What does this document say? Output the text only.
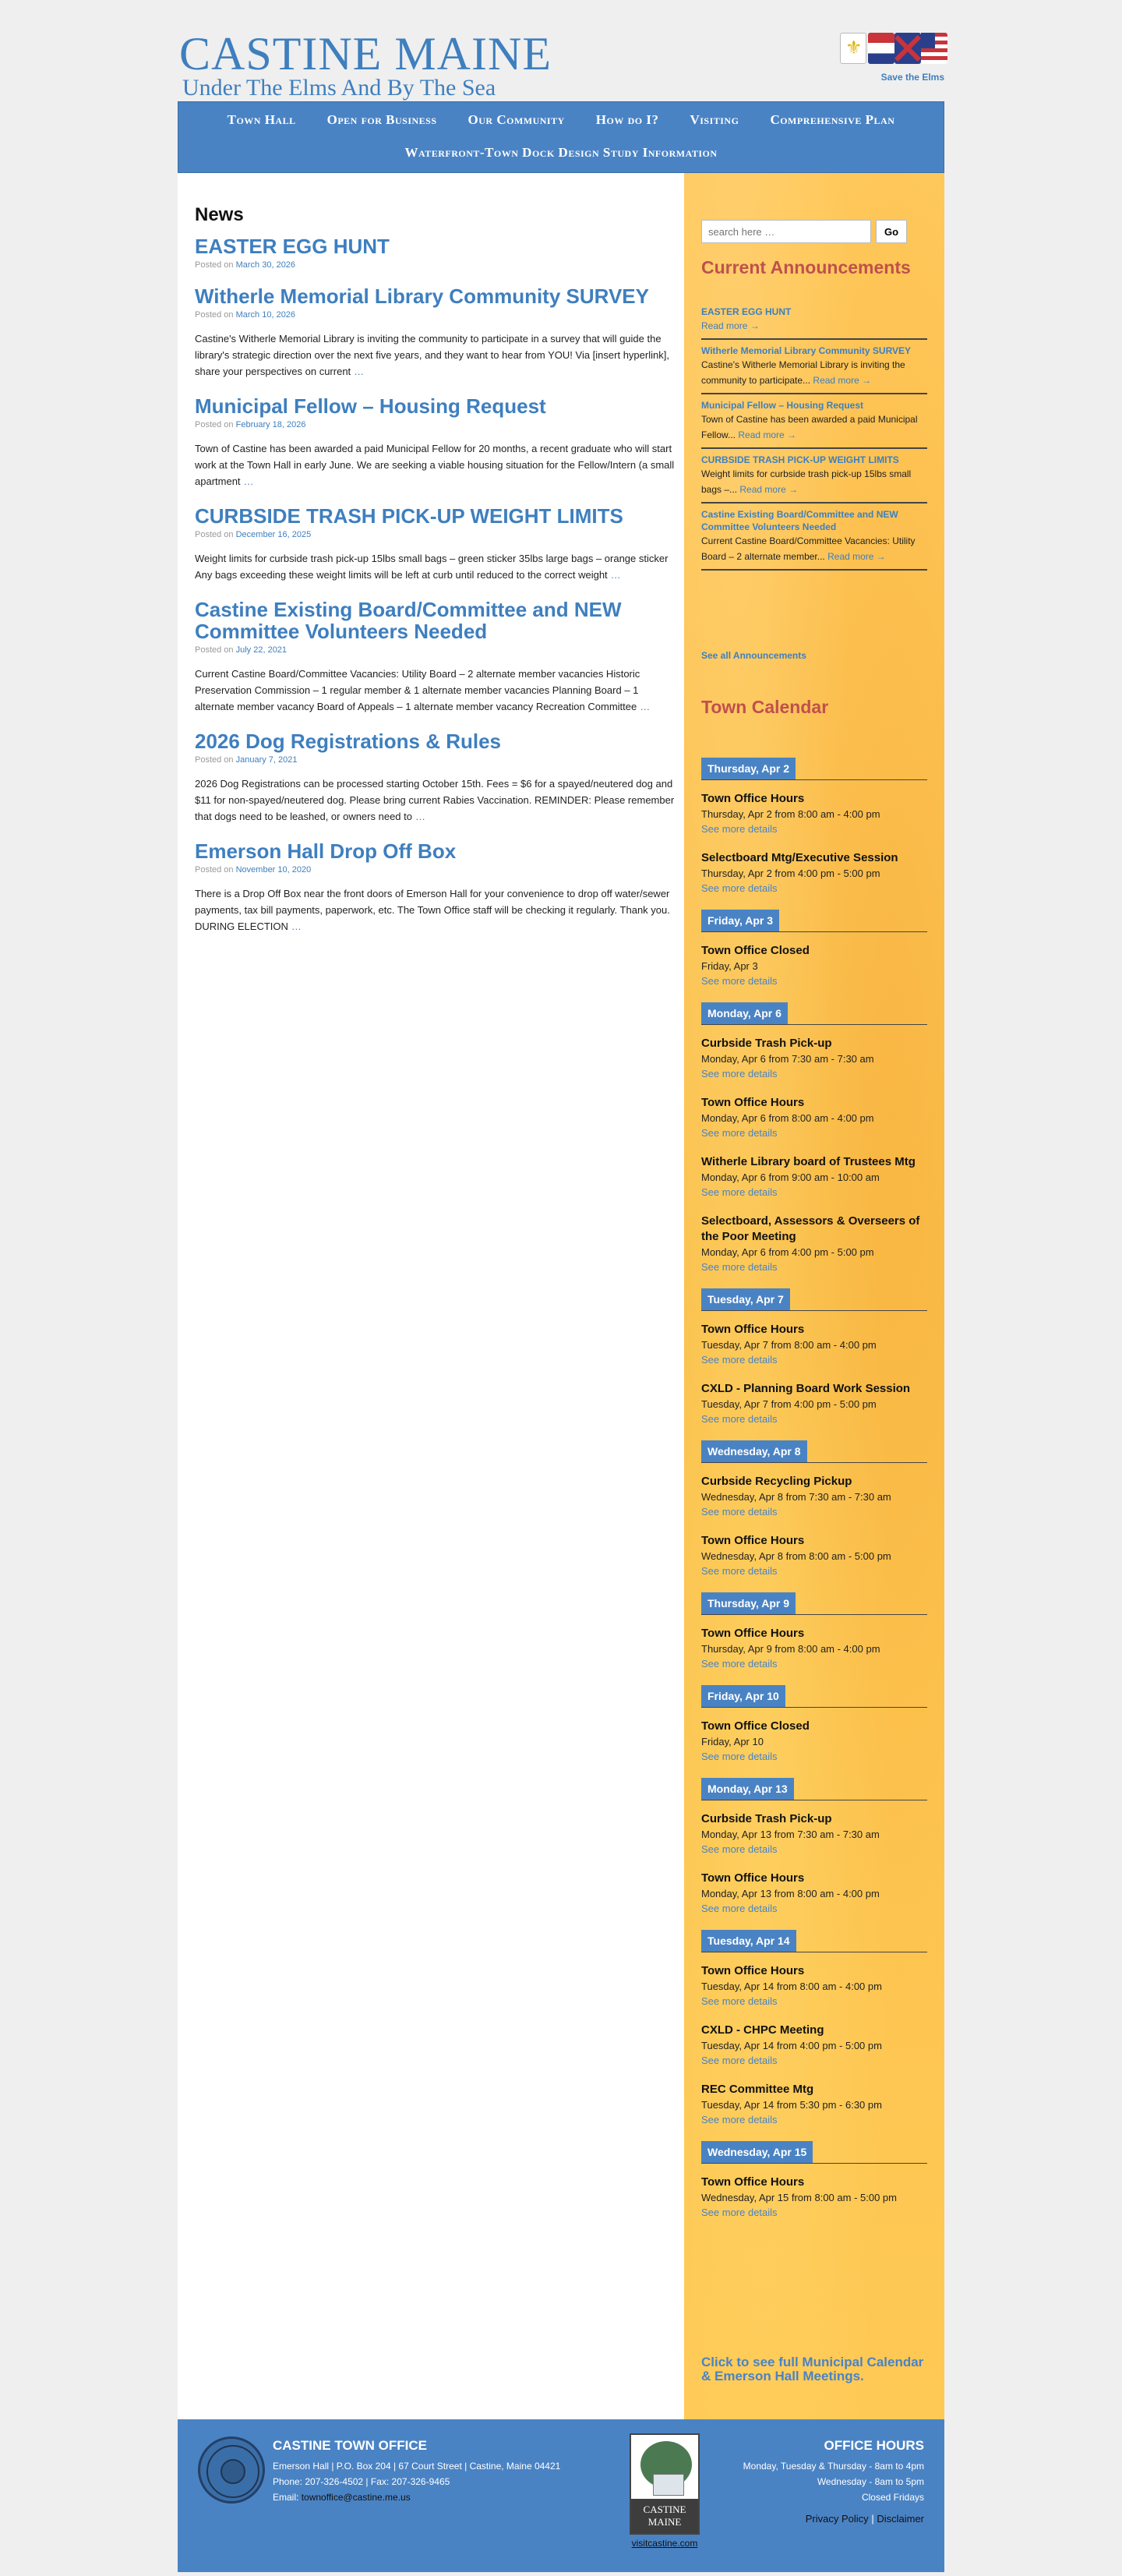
CASTINE MAINE
Under The Elms And By The Sea
⚜	Save the Elms
Town Hall	Open for Business	Our Community	How do I?	Visiting	Comprehensive Plan
Waterfront-Town Dock Design Study Information
News
EASTER EGG HUNT
Posted on March 30, 2026
Witherle Memorial Library Community SURVEY
Posted on March 10, 2026
Castine's Witherle Memorial Library is inviting the community to participate in a survey that will guide the library's strategic direction over the next five years, and they want to hear from YOU! Via [insert hyperlink], share your perspectives on current …
Municipal Fellow – Housing Request
Posted on February 18, 2026
Town of Castine has been awarded a paid Municipal Fellow for 20 months, a recent graduate who will start work at the Town Hall in early June. We are seeking a viable housing situation for the Fellow/Intern (a small apartment …
CURBSIDE TRASH PICK-UP WEIGHT LIMITS
Posted on December 16, 2025
Weight limits for curbside trash pick-up 15lbs small bags – green sticker 35lbs large bags – orange sticker Any bags exceeding these weight limits will be left at curb until reduced to the correct weight …
Castine Existing Board/Committee and NEW Committee Volunteers Needed
Posted on July 22, 2021
Current Castine Board/Committee Vacancies: Utility Board – 2 alternate member vacancies Historic Preservation Commission – 1 regular member & 1 alternate member vacancies Planning Board – 1 alternate member vacancy Board of Appeals – 1 alternate member vacancy Recreation Committee …
2026 Dog Registrations & Rules
Posted on January 7, 2021
2026 Dog Registrations can be processed starting October 15th. Fees = $6 for a spayed/neutered dog and $11 for non-spayed/neutered dog. Please bring current Rabies Vaccination. REMINDER: Please remember that dogs need to be leashed, or owners need to …
Emerson Hall Drop Off Box
Posted on November 10, 2020
There is a Drop Off Box near the front doors of Emerson Hall for your convenience to drop off water/sewer payments, tax bill payments, paperwork, etc. The Town Office staff will be checking it regularly. Thank you. DURING ELECTION …
search here …
Go
Current Announcements
EASTER EGG HUNT
Read more →
Witherle Memorial Library Community SURVEY
Castine's Witherle Memorial Library is inviting the community to participate... Read more →
Municipal Fellow – Housing Request
Town of Castine has been awarded a paid Municipal Fellow... Read more →
CURBSIDE TRASH PICK-UP WEIGHT LIMITS
Weight limits for curbside trash pick-up 15lbs small bags –... Read more →
Castine Existing Board/Committee and NEW Committee Volunteers Needed
Current Castine Board/Committee Vacancies: Utility Board – 2 alternate member... Read more →
See all Announcements
Town Calendar
Thursday, Apr 2
Town Office Hours
Thursday, Apr 2 from 8:00 am - 4:00 pm
See more details
Selectboard Mtg/Executive Session
Thursday, Apr 2 from 4:00 pm - 5:00 pm
See more details
Friday, Apr 3
Town Office Closed
Friday, Apr 3
See more details
Monday, Apr 6
Curbside Trash Pick-up
Monday, Apr 6 from 7:30 am - 7:30 am
See more details
Town Office Hours
Monday, Apr 6 from 8:00 am - 4:00 pm
See more details
Witherle Library board of Trustees Mtg
Monday, Apr 6 from 9:00 am - 10:00 am
See more details
Selectboard, Assessors & Overseers of the Poor Meeting
Monday, Apr 6 from 4:00 pm - 5:00 pm
See more details
Tuesday, Apr 7
Town Office Hours
Tuesday, Apr 7 from 8:00 am - 4:00 pm
See more details
CXLD - Planning Board Work Session
Tuesday, Apr 7 from 4:00 pm - 5:00 pm
See more details
Wednesday, Apr 8
Curbside Recycling Pickup
Wednesday, Apr 8 from 7:30 am - 7:30 am
See more details
Town Office Hours
Wednesday, Apr 8 from 8:00 am - 5:00 pm
See more details
Thursday, Apr 9
Town Office Hours
Thursday, Apr 9 from 8:00 am - 4:00 pm
See more details
Friday, Apr 10
Town Office Closed
Friday, Apr 10
See more details
Monday, Apr 13
Curbside Trash Pick-up
Monday, Apr 13 from 7:30 am - 7:30 am
See more details
Town Office Hours
Monday, Apr 13 from 8:00 am - 4:00 pm
See more details
Tuesday, Apr 14
Town Office Hours
Tuesday, Apr 14 from 8:00 am - 4:00 pm
See more details
CXLD - CHPC Meeting
Tuesday, Apr 14 from 4:00 pm - 5:00 pm
See more details
REC Committee Mtg
Tuesday, Apr 14 from 5:30 pm - 6:30 pm
See more details
Wednesday, Apr 15
Town Office Hours
Wednesday, Apr 15 from 8:00 am - 5:00 pm
See more details
Click to see full Municipal Calendar & Emerson Hall Meetings.
CASTINE TOWN OFFICE
Emerson Hall | P.O. Box 204 | 67 Court Street | Castine, Maine 04421
Phone: 207-326-4502 | Fax: 207-326-9465
Email: townoffice@castine.me.us
CASTINE MAINE
visitcastine.com
OFFICE HOURS
Monday, Tuesday & Thursday - 8am to 4pm
Wednesday - 8am to 5pm
Closed Fridays
Privacy Policy | Disclaimer
